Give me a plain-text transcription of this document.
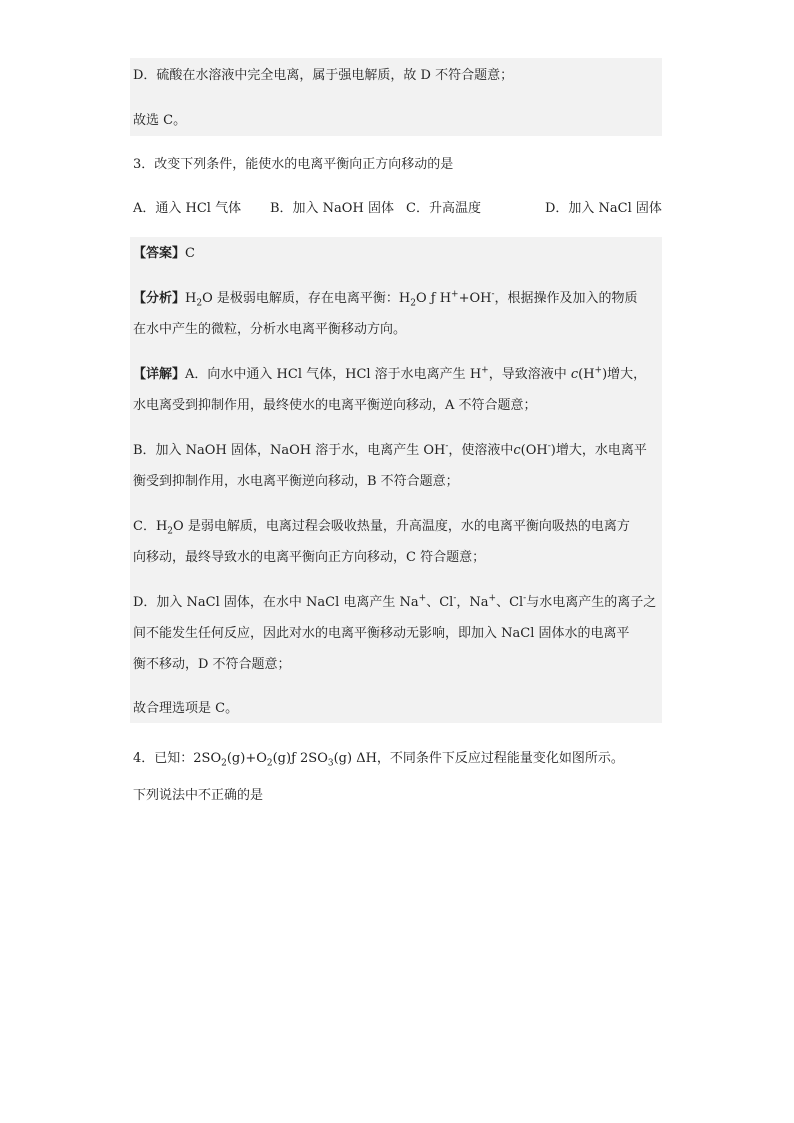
D．硫酸在水溶液中完全电离，属于强电解质，故 D 不符合题意；
故选 C。
3．改变下列条件，能使水的电离平衡向正方向移动的是
A．通入 HCl 气体 B．加入 NaOH 固体 C．升高温度	D．加入 NaCl 固体
【答案】C
【分析】$H_2O$ 是极弱电解质，存在电离平衡：$H_2O$ ƒ H++OH-，根据操作及加入的物质
在水中产生的微粒，分析水电离平衡移动方向。
【详解】A．向水中通入 HCl 气体，HCl 溶于水电离产生 H+，导致溶液中 c(H+)增大，
水电离受到抑制作用，最终使水的电离平衡逆向移动，A 不符合题意；
B．加入 NaOH 固体，NaOH 溶于水，电离产生 OH-，使溶液中c(OH-)增大，水电离平
衡受到抑制作用，水电离平衡逆向移动，B 不符合题意；
C．$H_2O$ 是弱电解质，电离过程会吸收热量，升高温度，水的电离平衡向吸热的电离方
向移动，最终导致水的电离平衡向正方向移动，C 符合题意；
D．加入 NaCl 固体，在水中 NaCl 电离产生 Na+、Cl-，Na+、Cl-与水电离产生的离子之
间不能发生任何反应，因此对水的电离平衡移动无影响，即加入 NaCl 固体水的电离平
衡不移动，D 不符合题意；
故合理选项是 C。
4．已知：$2SO_2(g)+O_2(g)ƒ$ $2SO_3(g)$ ΔH，不同条件下反应过程能量变化如图所示。
下列说法中不正确的是
